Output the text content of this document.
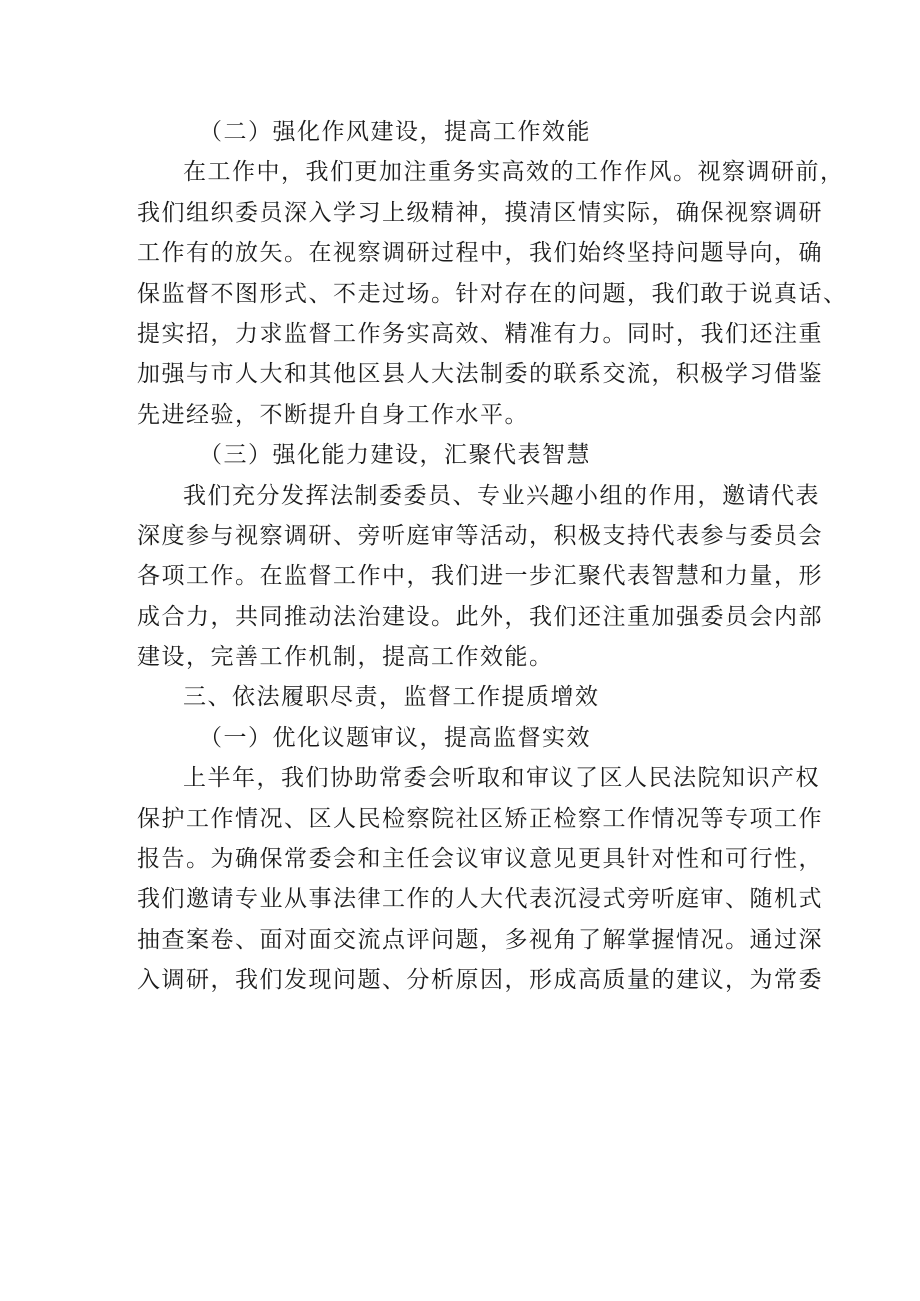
（二）强化作风建设，提高工作效能
在工作中，我们更加注重务实高效的工作作风。视察调研前，
我们组织委员深入学习上级精神，摸清区情实际，确保视察调研
工作有的放矢。在视察调研过程中，我们始终坚持问题导向，确
保监督不图形式、不走过场。针对存在的问题，我们敢于说真话、
提实招，力求监督工作务实高效、精准有力。同时，我们还注重
加强与市人大和其他区县人大法制委的联系交流，积极学习借鉴
先进经验，不断提升自身工作水平。
（三）强化能力建设，汇聚代表智慧
我们充分发挥法制委委员、专业兴趣小组的作用，邀请代表
深度参与视察调研、旁听庭审等活动，积极支持代表参与委员会
各项工作。在监督工作中，我们进一步汇聚代表智慧和力量，形
成合力，共同推动法治建设。此外，我们还注重加强委员会内部
建设，完善工作机制，提高工作效能。
三、依法履职尽责，监督工作提质增效
（一）优化议题审议，提高监督实效
上半年，我们协助常委会听取和审议了区人民法院知识产权
保护工作情况、区人民检察院社区矫正检察工作情况等专项工作
报告。为确保常委会和主任会议审议意见更具针对性和可行性，
我们邀请专业从事法律工作的人大代表沉浸式旁听庭审、随机式
抽查案卷、面对面交流点评问题，多视角了解掌握情况。通过深
入调研，我们发现问题、分析原因，形成高质量的建议，为常委
